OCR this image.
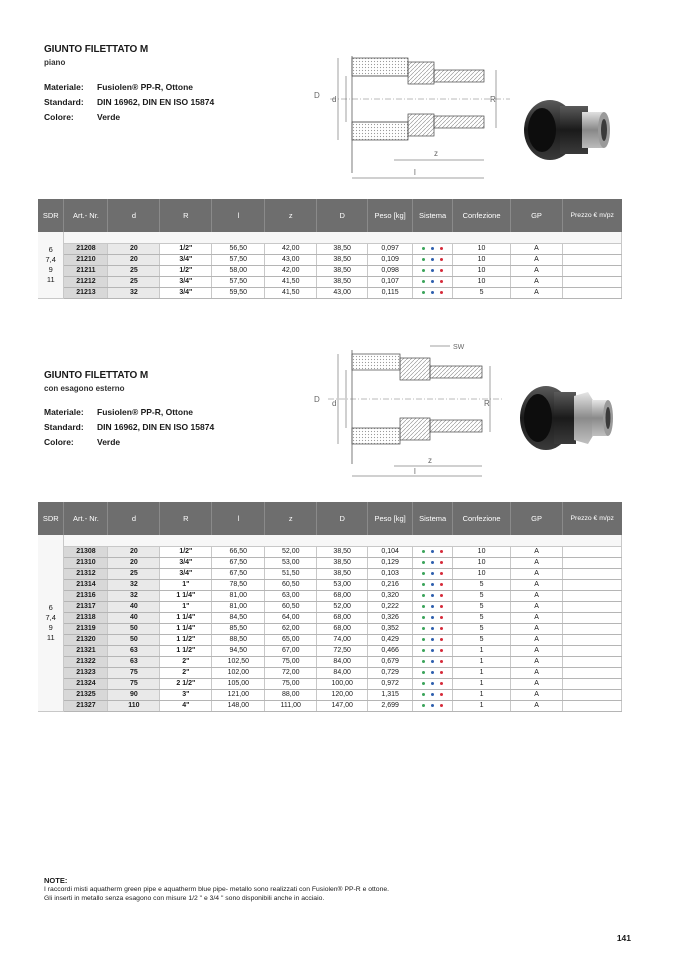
GIUNTO FILETTATO M
piano
Materiale:	Fusiolen® PP-R, Ottone
Standard:	DIN 16962, DIN EN ISO 15874
Colore:	Verde
D d	R
z
l
SDR	Art.- Nr.	d	R	l	z	D	Peso [kg]	Sistema	Confezione	GP	Prezzo € m/pz

6
7,4
9
11											

	21208	20	1/2"	56,50	42,00	38,50	0,097		10	A	
	21210	20	3/4"	57,50	43,00	38,50	0,109		10	A	
	21211	25	1/2"	58,00	42,00	38,50	0,098		10	A	
	21212	25	3/4"	57,50	41,50	38,50	0,107		10	A	
	21213	32	3/4"	59,50	41,50	43,00	0,115		5	A	
GIUNTO FILETTATO M
con esagono esterno
Materiale:	Fusiolen® PP-R, Ottone
Standard:	DIN 16962, DIN EN ISO 15874
Colore:	Verde
SW
D d	R
z
l
SDR	Art.- Nr.	d	R	l	z	D	Peso [kg]	Sistema	Confezione	GP	Prezzo € m/pz

6
7,4
9
11											

	21308	20	1/2"	66,50	52,00	38,50	0,104		10	A	
	21310	20	3/4"	67,50	53,00	38,50	0,129		10	A	
	21312	25	3/4"	67,50	51,50	38,50	0,103		10	A	
	21314	32	1"	78,50	60,50	53,00	0,216		5	A	
	21316	32	1 1/4"	81,00	63,00	68,00	0,320		5	A	
	21317	40	1"	81,00	60,50	52,00	0,222		5	A	
	21318	40	1 1/4"	84,50	64,00	68,00	0,326		5	A	
	21319	50	1 1/4"	85,50	62,00	68,00	0,352		5	A	
	21320	50	1 1/2"	88,50	65,00	74,00	0,429		5	A	
	21321	63	1 1/2"	94,50	67,00	72,50	0,466		1	A	
	21322	63	2"	102,50	75,00	84,00	0,679		1	A	
	21323	75	2"	102,00	72,00	84,00	0,729		1	A	
	21324	75	2 1/2"	105,00	75,00	100,00	0,972		1	A	
	21325	90	3"	121,00	88,00	120,00	1,315		1	A	
	21327	110	4"	148,00	111,00	147,00	2,699		1	A	
NOTE:
I raccordi misti aquatherm green pipe e aquatherm blue pipe- metallo sono realizzati con Fusiolen® PP-R e ottone.
Gli inserti in metallo senza esagono con misure 1/2 " e 3/4 " sono disponibili anche in acciaio.
141
